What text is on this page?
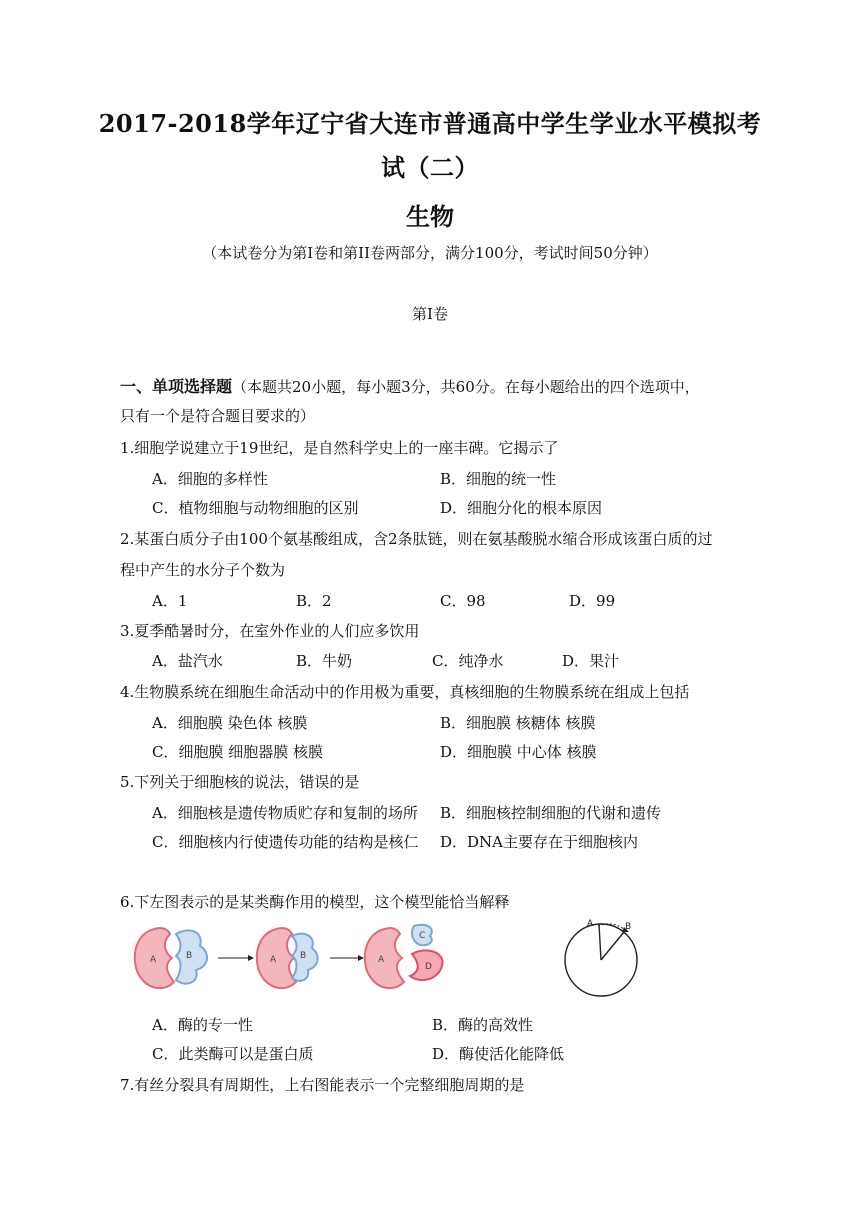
2017-2018学年辽宁省大连市普通高中学生学业水平模拟考
试（二）
生物
（本试卷分为第I卷和第II卷两部分，满分100分，考试时间50分钟）
第I卷
一、单项选择题（本题共20小题，每小题3分，共60分。在每小题给出的四个选项中，
只有一个是符合题目要求的）
1.细胞学说建立于19世纪，是自然科学史上的一座丰碑。它揭示了
A．细胞的多样性	B．细胞的统一性
C．植物细胞与动物细胞的区别	D．细胞分化的根本原因
2.某蛋白质分子由100个氨基酸组成，含2条肽链，则在氨基酸脱水缩合形成该蛋白质的过
程中产生的水分子个数为
A．1	B．2	C．98	D．99
3.夏季酷暑时分，在室外作业的人们应多饮用
A．盐汽水	B．牛奶	C．纯净水	D．果汁
4.生物膜系统在细胞生命活动中的作用极为重要，真核细胞的生物膜系统在组成上包括
A．细胞膜 染色体 核膜	B．细胞膜 核糖体 核膜
C．细胞膜 细胞器膜 核膜	D．细胞膜 中心体 核膜
5.下列关于细胞核的说法，错误的是
A．细胞核是遗传物质贮存和复制的场所 B．细胞核控制细胞的代谢和遗传
C．细胞核内行使遗传功能的结构是核仁 D．DNA主要存在于细胞核内
6.下左图表示的是某类酶作用的模型，这个模型能恰当解释
A	B	A	B	A
C
D
A	B
A．酶的专一性	B．酶的高效性
C．此类酶可以是蛋白质	D．酶使活化能降低
7.有丝分裂具有周期性，上右图能表示一个完整细胞周期的是
